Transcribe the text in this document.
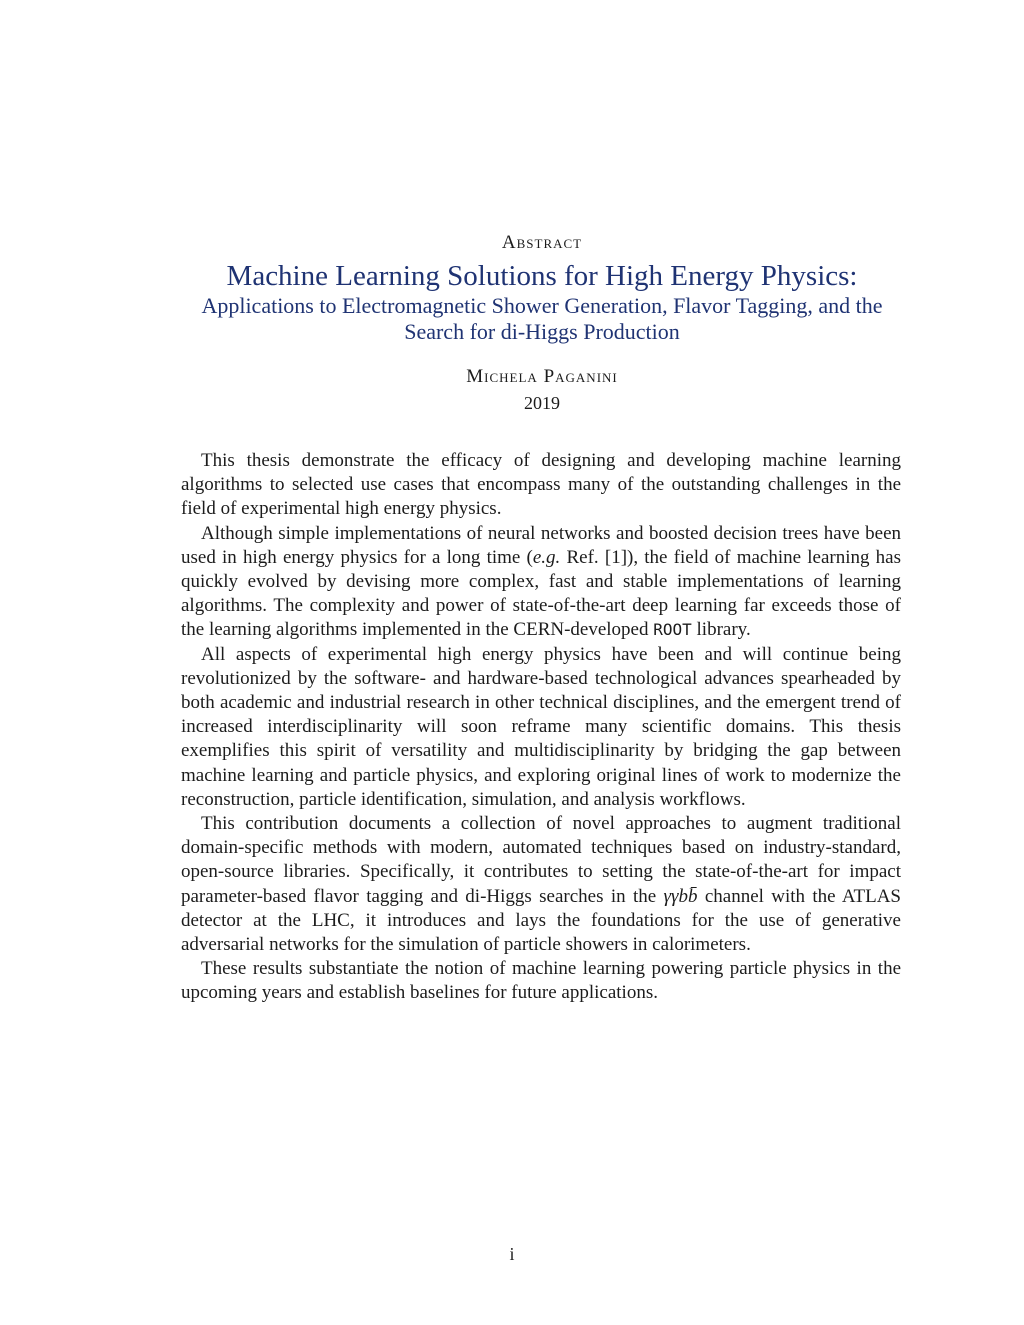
Abstract
Machine Learning Solutions for High Energy Physics:
Applications to Electromagnetic Shower Generation, Flavor Tagging, and the
Search for di-Higgs Production
Michela Paganini
2019

This thesis demonstrate the efficacy of designing and developing machine learning algorithms to selected use cases that encompass many of the outstanding challenges in the field of experimental high energy physics.

Although simple implementations of neural networks and boosted decision trees have been used in high energy physics for a long time (e.g. Ref. [1]), the field of machine learning has quickly evolved by devising more complex, fast and stable implementations of learning algorithms. The complexity and power of state-of-the-art deep learning far exceeds those of the learning algorithms implemented in the CERN-developed ROOT library.

All aspects of experimental high energy physics have been and will continue being revolutionized by the software- and hardware-based technological advances spearheaded by both academic and industrial research in other technical disciplines, and the emergent trend of increased interdisciplinarity will soon reframe many scientific domains. This thesis exemplifies this spirit of versatility and multidisciplinarity by bridging the gap between machine learning and particle physics, and exploring original lines of work to modernize the reconstruction, particle identification, simulation, and analysis workflows.

This contribution documents a collection of novel approaches to augment traditional domain-specific methods with modern, automated techniques based on industry-standard, open-source libraries. Specifically, it contributes to setting the state-of-the-art for impact parameter-based flavor tagging and di-Higgs searches in the γγbb̄ channel with the ATLAS detector at the LHC, it introduces and lays the foundations for the use of generative adversarial networks for the simulation of particle showers in calorimeters.

These results substantiate the notion of machine learning powering particle physics in the upcoming years and establish baselines for future applications.

i
